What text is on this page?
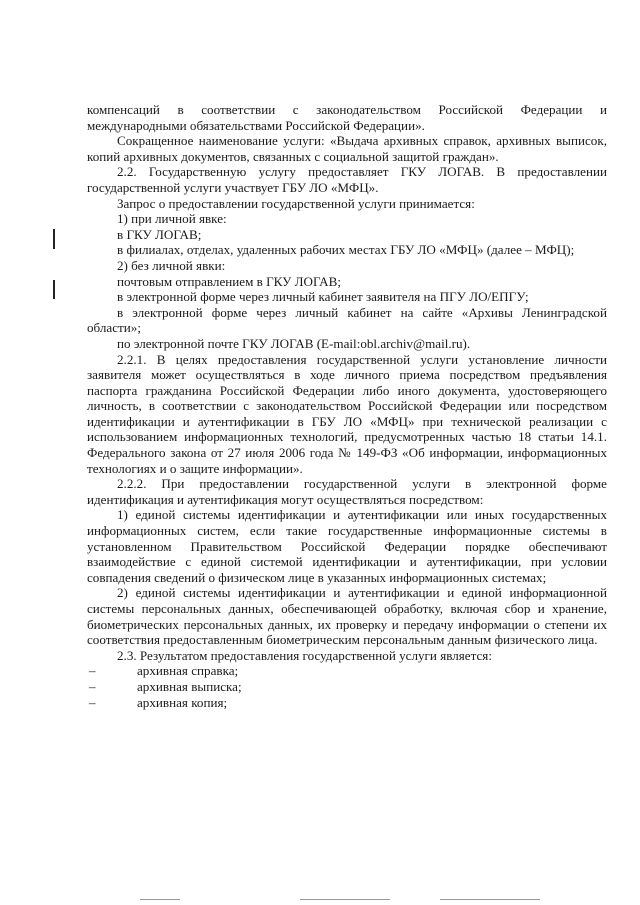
компенсаций в соответствии с законодательством Российской Федерации и международными обязательствами Российской Федерации».

Сокращенное наименование услуги: «Выдача архивных справок, архивных выписок, копий архивных документов, связанных с социальной защитой граждан».

2.2. Государственную услугу предоставляет ГКУ ЛОГАВ. В предоставлении государственной услуги участвует ГБУ ЛО «МФЦ».

Запрос о предоставлении государственной услуги принимается:

1) при личной явке:

в ГКУ ЛОГАВ;

в филиалах, отделах, удаленных рабочих местах ГБУ ЛО «МФЦ» (далее – МФЦ);

2) без личной явки:

почтовым отправлением в ГКУ ЛОГАВ;

в электронной форме через личный кабинет заявителя на ПГУ ЛО/ЕПГУ;

в электронной форме через личный кабинет на сайте «Архивы Ленинградской области»;

по электронной почте ГКУ ЛОГАВ (E-mail:obl.archiv@mail.ru).

2.2.1. В целях предоставления государственной услуги установление личности заявителя может осуществляться в ходе личного приема посредством предъявления паспорта гражданина Российской Федерации либо иного документа, удостоверяющего личность, в соответствии с законодательством Российской Федерации или посредством идентификации и аутентификации в ГБУ ЛО «МФЦ» при технической реализации с использованием информационных технологий, предусмотренных частью 18 статьи 14.1. Федерального закона от 27 июля 2006 года № 149-ФЗ «Об информации, информационных технологиях и о защите информации».

2.2.2. При предоставлении государственной услуги в электронной форме идентификация и аутентификация могут осуществляться посредством:

1) единой системы идентификации и аутентификации или иных государственных информационных систем, если такие государственные информационные системы в установленном Правительством Российской Федерации порядке обеспечивают взаимодействие с единой системой идентификации и аутентификации, при условии совпадения сведений о физическом лице в указанных информационных системах;

2) единой системы идентификации и аутентификации и единой информационной системы персональных данных, обеспечивающей обработку, включая сбор и хранение, биометрических персональных данных, их проверку и передачу информации о степени их соответствия предоставленным биометрическим персональным данным физического лица.

2.3. Результатом предоставления государственной услуги является:

–	архивная справка;
–	архивная выписка;
–	архивная копия;
